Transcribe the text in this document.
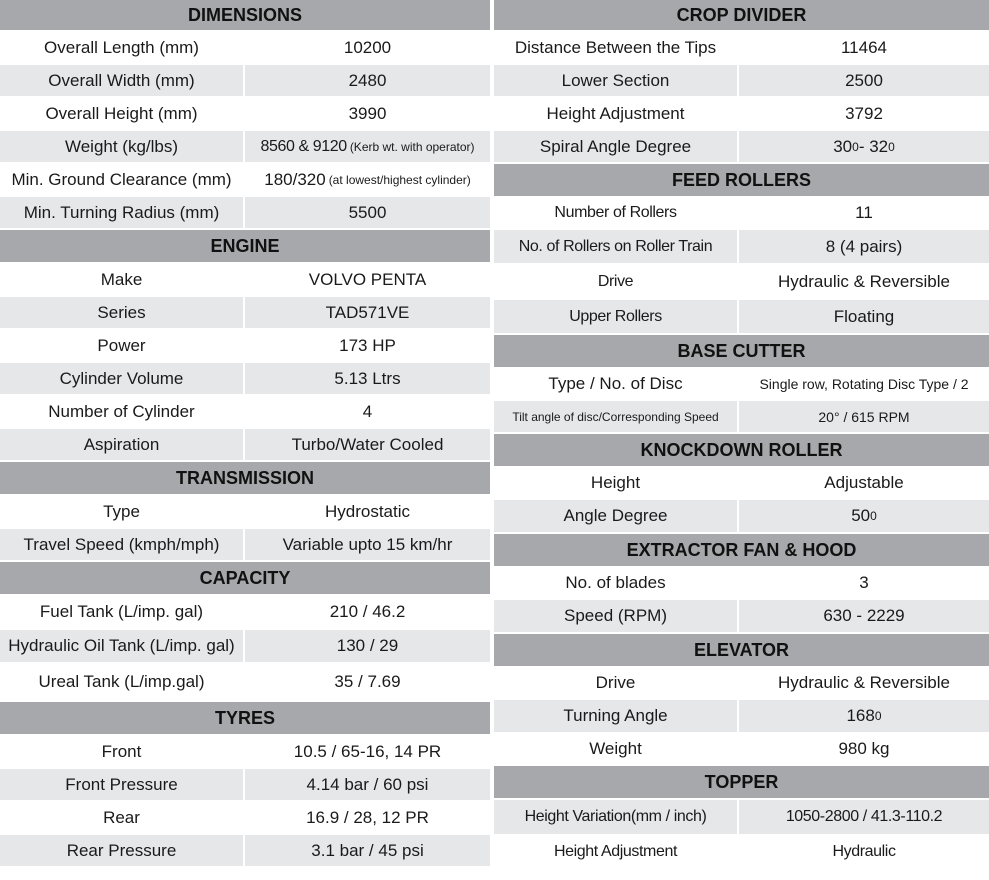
DIMENSIONS
Overall Length (mm)	10200
Overall Width (mm)	2480
Overall Height (mm)	3990
Weight (kg/lbs)	8560 & 9120 (Kerb wt. with operator)
Min. Ground Clearance (mm)	180/320 (at lowest/highest cylinder)
Min. Turning Radius (mm)	5500
ENGINE
Make	VOLVO PENTA
Series	TAD571VE
Power	173 HP
Cylinder Volume	5.13 Ltrs
Number of Cylinder	4
Aspiration	Turbo/Water Cooled
TRANSMISSION
Type	Hydrostatic
Travel Speed (kmph/mph)	Variable upto 15 km/hr
CAPACITY
Fuel Tank (L/imp. gal)	210 / 46.2
Hydraulic Oil Tank (L/imp. gal)	130 / 29
Ureal Tank (L/imp.gal)	35 / 7.69
TYRES
Front	10.5 / 65-16, 14 PR
Front Pressure	4.14 bar / 60 psi
Rear	16.9 / 28, 12 PR
Rear Pressure	3.1 bar / 45 psi
CROP DIVIDER
Distance Between the Tips	11464
Lower Section	2500
Height Adjustment	3792
Spiral Angle Degree	30 0 - 32 0
FEED ROLLERS
Number of Rollers	11
No. of Rollers on Roller Train	8 (4 pairs)
Drive	Hydraulic & Reversible
Upper Rollers	Floating
BASE CUTTER
Type / No. of Disc	Single row, Rotating Disc Type / 2
Tilt angle of disc/Corresponding Speed	20° / 615 RPM
KNOCKDOWN ROLLER
Height	Adjustable
Angle Degree	50 0
EXTRACTOR FAN & HOOD
No. of blades	3
Speed (RPM)	630 - 2229
ELEVATOR
Drive	Hydraulic & Reversible
Turning Angle	168 0
Weight	980 kg
TOPPER
Height Variation(mm / inch)	1050-2800 / 41.3-110.2
Height Adjustment	Hydraulic
